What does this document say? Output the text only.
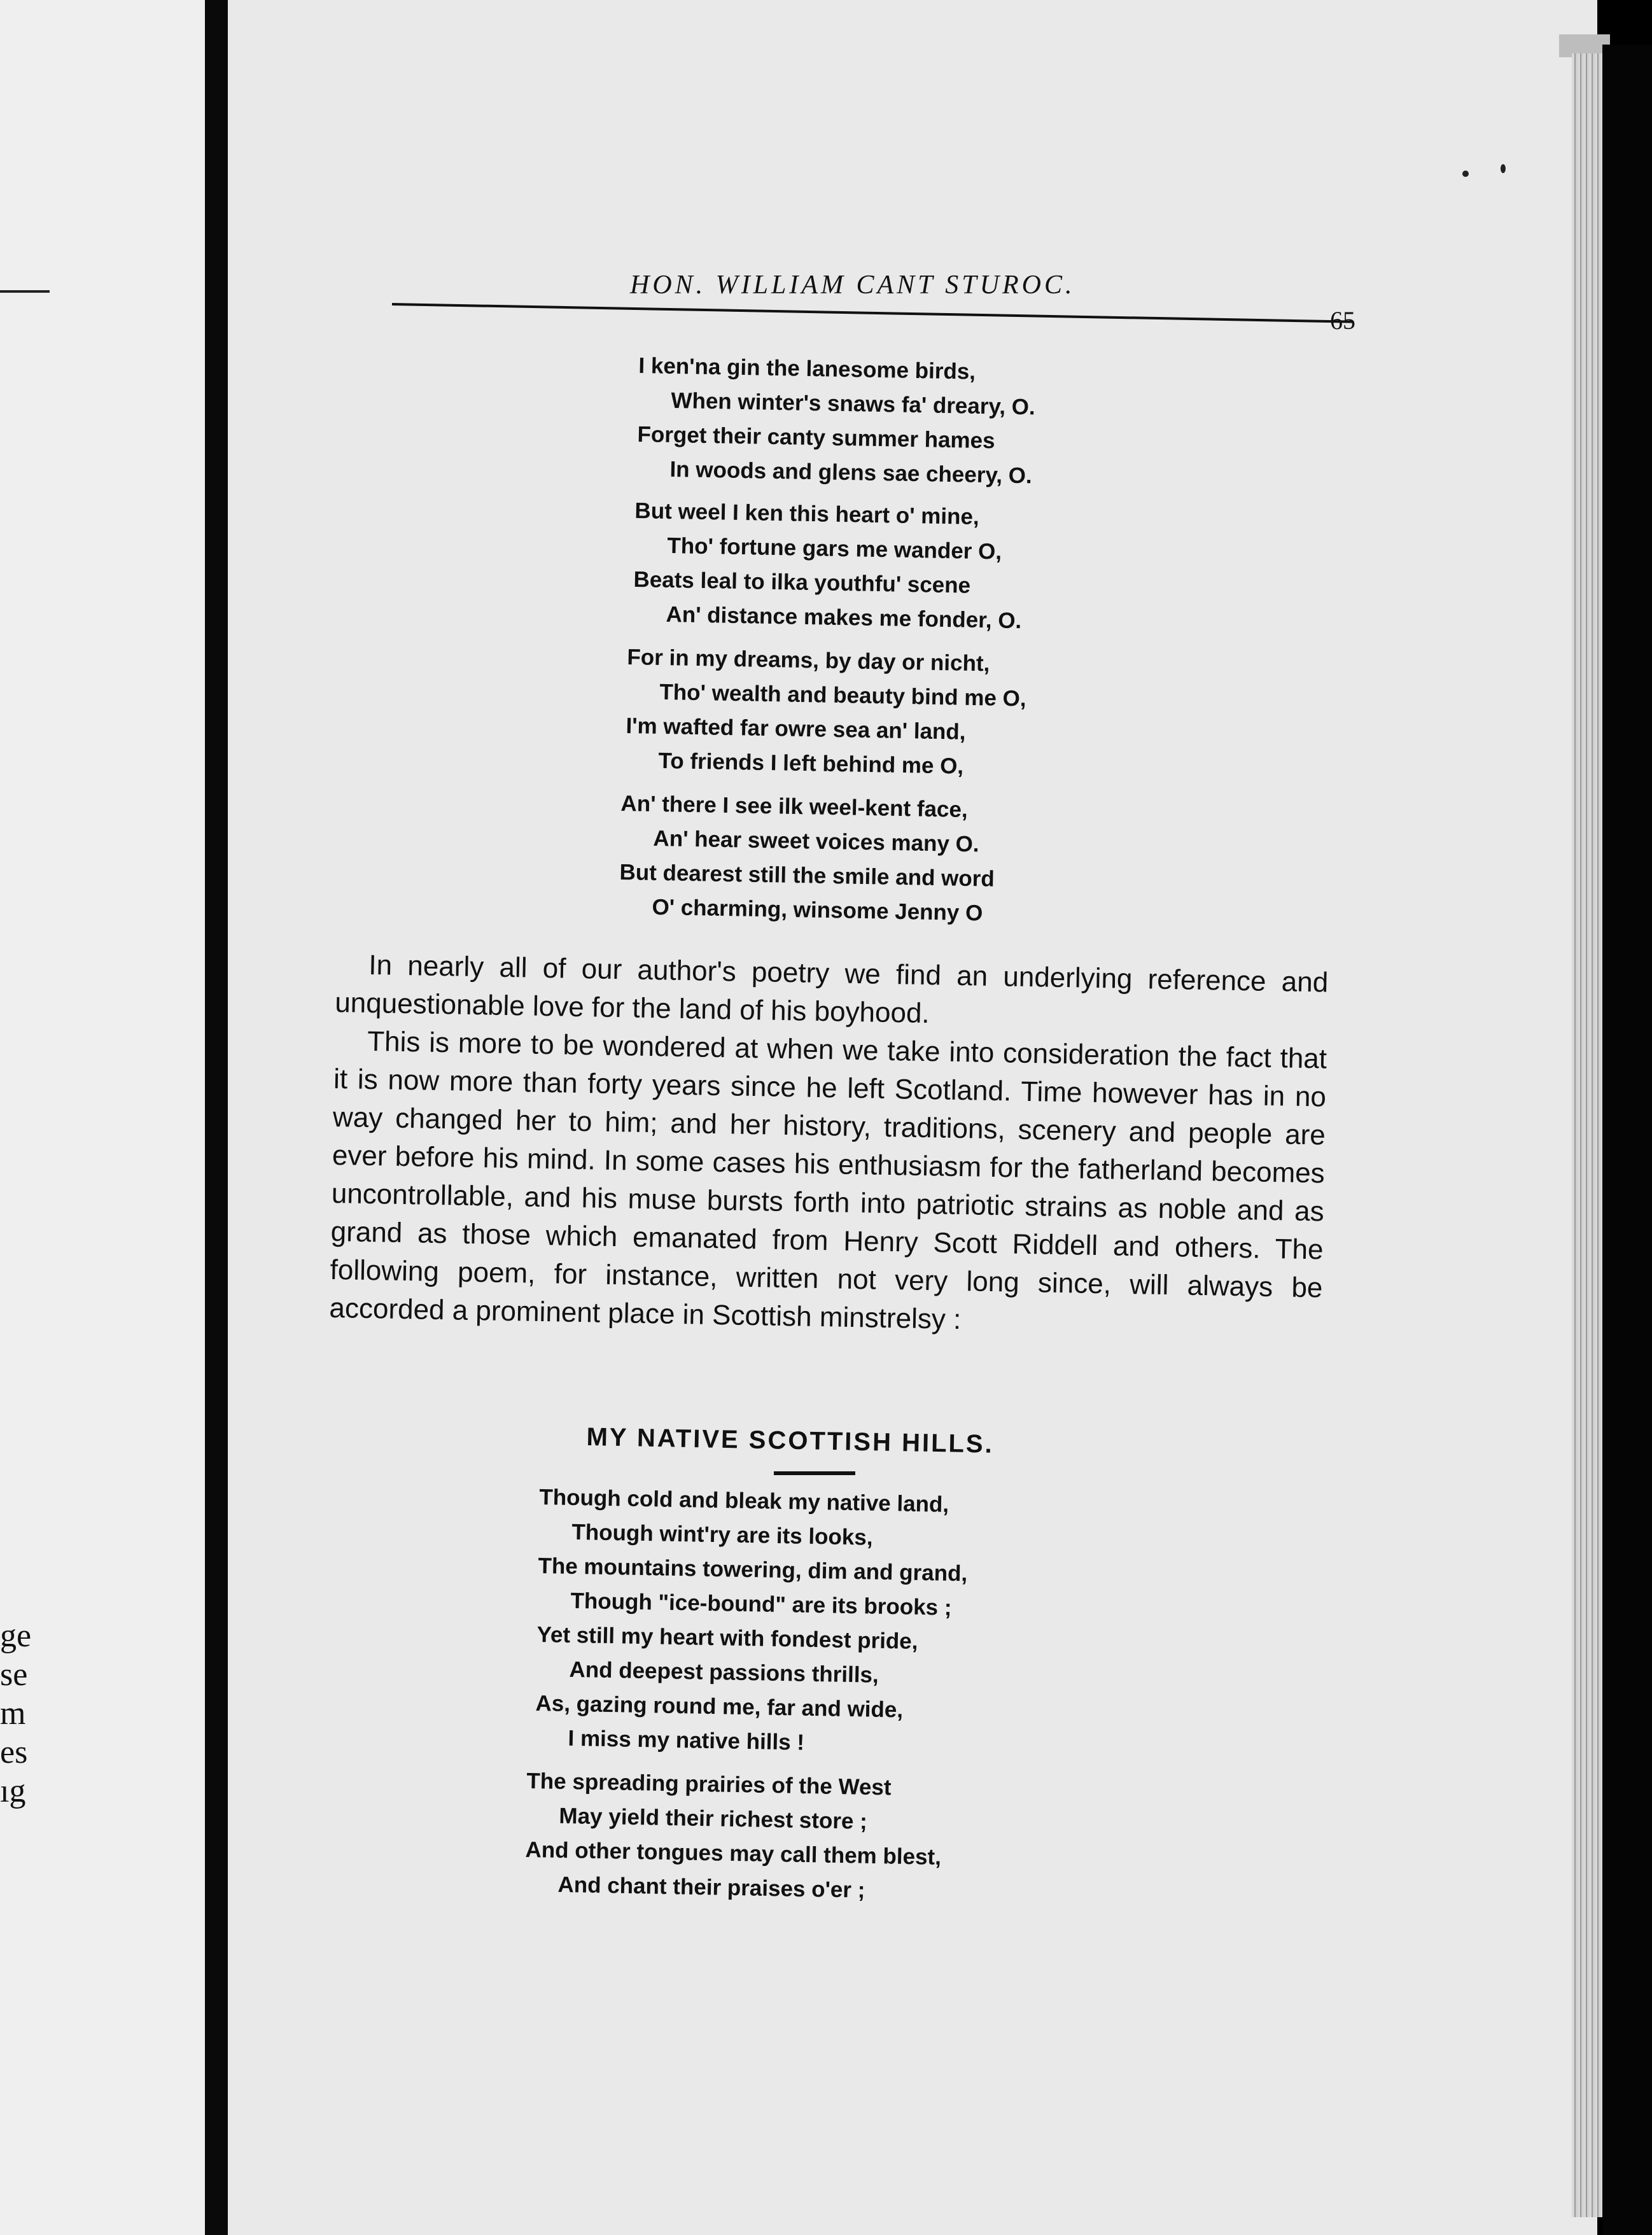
ge
se
m
es
ıg
HON. WILLIAM CANT STUROC.
65
I ken'na gin the lanesome birds,
When winter's snaws fa' dreary, O.
Forget their canty summer hames
In woods and glens sae cheery, O.
But weel I ken this heart o' mine,
Tho' fortune gars me wander O,
Beats leal to ilka youthfu' scene
An' distance makes me fonder, O.
For in my dreams, by day or nicht,
Tho' wealth and beauty bind me O,
I'm wafted far owre sea an' land,
To friends I left behind me O,
An' there I see ilk weel-kent face,
An' hear sweet voices many O.
But dearest still the smile and word
O' charming, winsome Jenny O

In nearly all of our author's poetry we find an underlying reference and unquestionable love for the land of his boyhood.

This is more to be wondered at when we take into consideration the fact that it is now more than forty years since he left Scotland. Time however has in no way changed her to him; and her history, traditions, scenery and people are ever before his mind. In some cases his enthusiasm for the fatherland becomes uncontrollable, and his muse bursts forth into patriotic strains as noble and as grand as those which emanated from Henry Scott Riddell and others. The following poem, for instance, written not very long since, will always be accorded a prominent place in Scottish minstrelsy :

MY NATIVE SCOTTISH HILLS.
Though cold and bleak my native land,
Though wint'ry are its looks,
The mountains towering, dim and grand,
Though "ice-bound" are its brooks ;
Yet still my heart with fondest pride,
And deepest passions thrills,
As, gazing round me, far and wide,
I miss my native hills !
The spreading prairies of the West
May yield their richest store ;
And other tongues may call them blest,
And chant their praises o'er ;
